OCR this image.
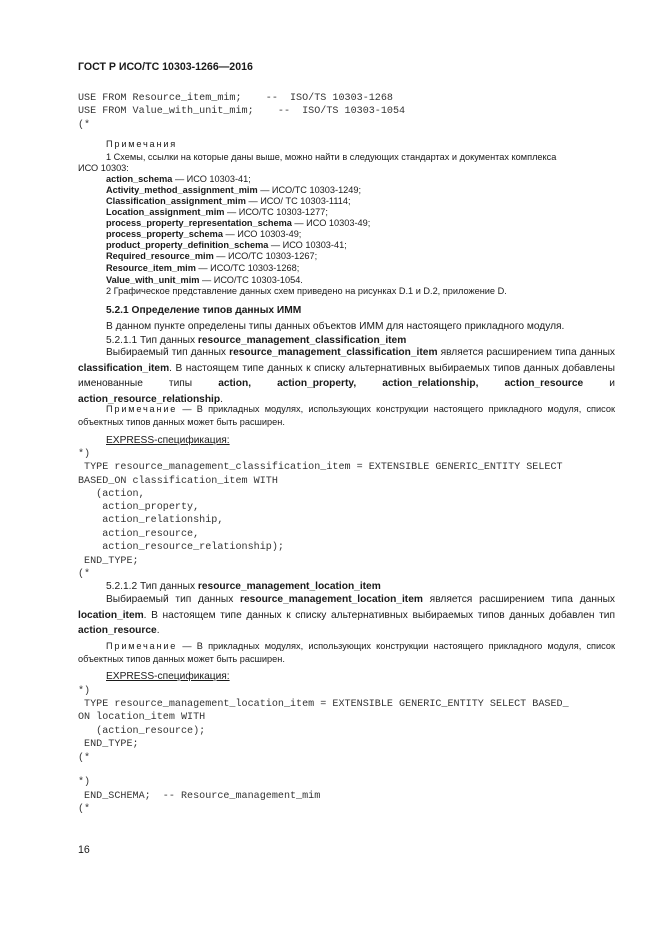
ГОСТ Р ИСО/ТС 10303-1266—2016
USE FROM Resource_item_mim;    --  ISO/TS 10303-1268
USE FROM Value_with_unit_mim;    --  ISO/TS 10303-1054
(*
Примечания
1 Схемы, ссылки на которые даны выше, можно найти в следующих стандартах и документах комплекса
ИСО 10303:
action_schema — ИСО 10303-41;
Activity_method_assignment_mim — ИСО/ТС 10303-1249;
Classification_assignment_mim — ИСО/ ТС 10303-1114;
Location_assignment_mim — ИСО/ТС 10303-1277;
process_property_representation_schema — ИСО 10303-49;
process_property_schema — ИСО 10303-49;
product_property_definition_schema — ИСО 10303-41;
Required_resource_mim — ИСО/ТС 10303-1267;
Resource_item_mim — ИСО/ТС 10303-1268;
Value_with_unit_mim — ИСО/ТС 10303-1054.
2 Графическое представление данных схем приведено на рисунках D.1 и D.2, приложение D.
5.2.1 Определение типов данных ИММ
В данном пункте определены типы данных объектов ИММ для настоящего прикладного модуля.
5.2.1.1 Тип данных resource_management_classification_item

Выбираемый тип данных resource_management_classification_item является расширением типа данных classification_item. В настоящем типе данных к списку альтернативных выбираемых типов данных добавлены именованные типы action, action_property, action_relationship, action_resource и action_resource_relationship.

Примечание — В прикладных модулях, использующих конструкции настоящего прикладного модуля, список объектных типов данных может быть расширен.

EXPRESS-спецификация:
*)
TYPE resource_management_classification_item = EXTENSIBLE GENERIC_ENTITY SELECT
BASED_ON classification_item WITH
(action,
action_property,
action_relationship,
action_resource,
action_resource_relationship);
END_TYPE;
(*
5.2.1.2 Тип данных resource_management_location_item

Выбираемый тип данных resource_management_location_item является расширением типа данных location_item. В настоящем типе данных к списку альтернативных выбираемых типов данных добавлен тип action_resource.

Примечание — В прикладных модулях, использующих конструкции настоящего прикладного модуля, список объектных типов данных может быть расширен.

EXPRESS-спецификация:
*)
TYPE resource_management_location_item = EXTENSIBLE GENERIC_ENTITY SELECT BASED_
ON location_item WITH
(action_resource);
END_TYPE;
(*
*)
END_SCHEMA;  -- Resource_management_mim
(*
16
